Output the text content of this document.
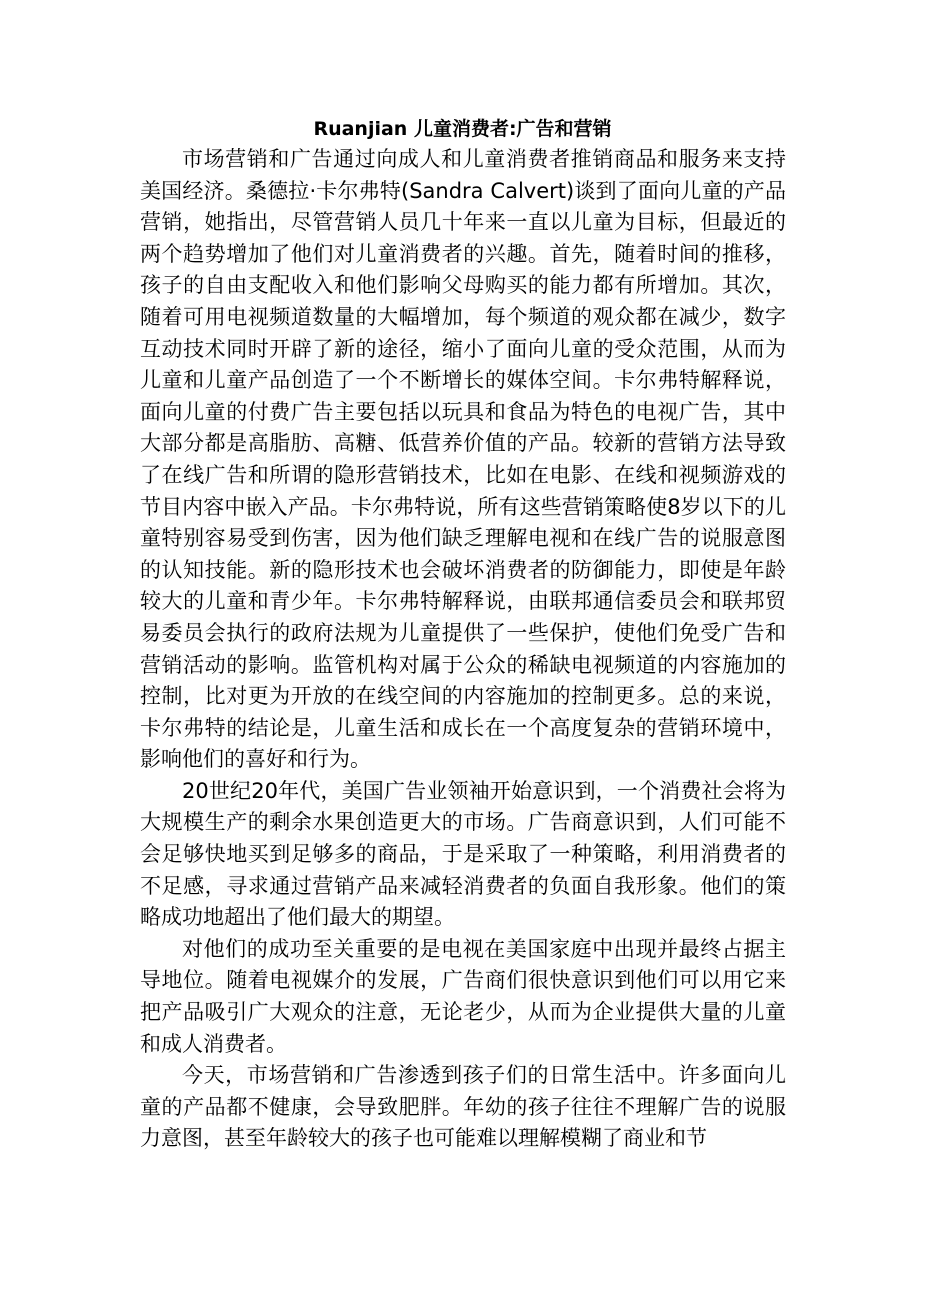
Ruanjian 儿童消费者:广告和营销

市场营销和广告通过向成人和儿童消费者推销商品和服务来支持美国经济。桑德拉·卡尔弗特(Sandra Calvert)谈到了面向儿童的产品营销，她指出，尽管营销人员几十年来一直以儿童为目标，但最近的两个趋势增加了他们对儿童消费者的兴趣。首先，随着时间的推移，孩子的自由支配收入和他们影响父母购买的能力都有所增加。其次，随着可用电视频道数量的大幅增加，每个频道的观众都在减少，数字互动技术同时开辟了新的途径，缩小了面向儿童的受众范围，从而为儿童和儿童产品创造了一个不断增长的媒体空间。卡尔弗特解释说，面向儿童的付费广告主要包括以玩具和食品为特色的电视广告，其中大部分都是高脂肪、高糖、低营养价值的产品。较新的营销方法导致了在线广告和所谓的隐形营销技术，比如在电影、在线和视频游戏的节目内容中嵌入产品。卡尔弗特说，所有这些营销策略使8岁以下的儿童特别容易受到伤害，因为他们缺乏理解电视和在线广告的说服意图的认知技能。新的隐形技术也会破坏消费者的防御能力，即使是年龄较大的儿童和青少年。卡尔弗特解释说，由联邦通信委员会和联邦贸易委员会执行的政府法规为儿童提供了一些保护，使他们免受广告和营销活动的影响。监管机构对属于公众的稀缺电视频道的内容施加的控制，比对更为开放的在线空间的内容施加的控制更多。总的来说，卡尔弗特的结论是，儿童生活和成长在一个高度复杂的营销环境中，影响他们的喜好和行为。

20世纪20年代，美国广告业领袖开始意识到，一个消费社会将为大规模生产的剩余水果创造更大的市场。广告商意识到，人们可能不会足够快地买到足够多的商品，于是采取了一种策略，利用消费者的不足感，寻求通过营销产品来减轻消费者的负面自我形象。他们的策略成功地超出了他们最大的期望。

对他们的成功至关重要的是电视在美国家庭中出现并最终占据主导地位。随着电视媒介的发展，广告商们很快意识到他们可以用它来把产品吸引广大观众的注意，无论老少，从而为企业提供大量的儿童和成人消费者。

今天，市场营销和广告渗透到孩子们的日常生活中。许多面向儿童的产品都不健康，会导致肥胖。年幼的孩子往往不理解广告的说服力意图，甚至年龄较大的孩子也可能难以理解模糊了商业和节
